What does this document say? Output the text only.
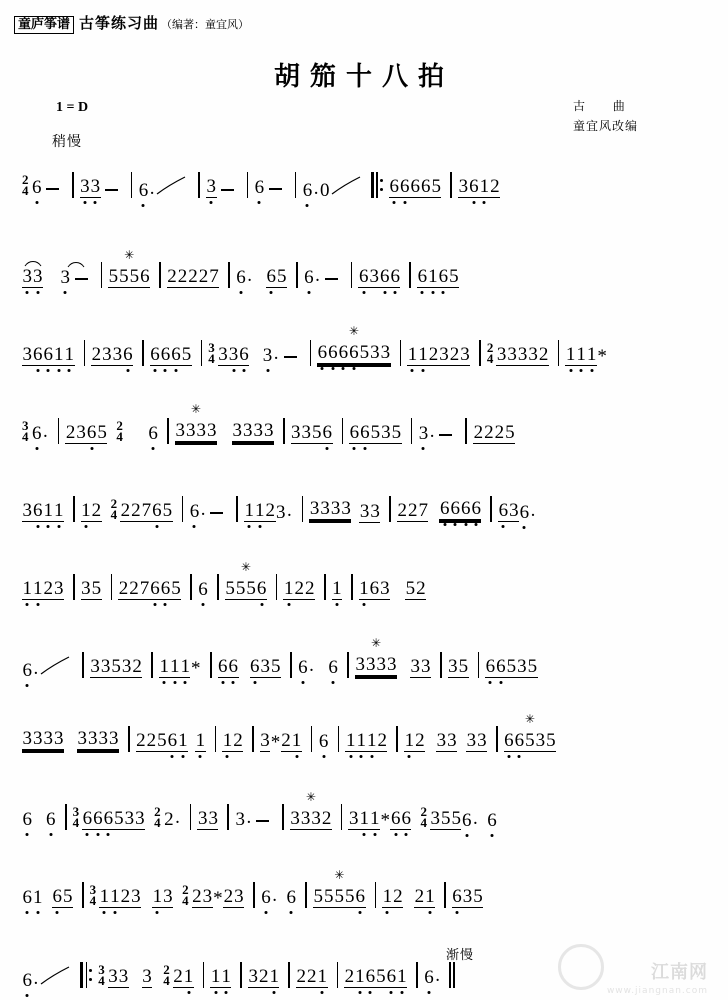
童庐筝谱 古筝练习曲 （编著：童宜风）
胡笳十八拍
1 = D
稍慢
古 曲
童宜风改编
2
4 6 3 3 6 .	3 6 6 . 0	6 6 6 6 5 3 6 1 2
3 3 3
✳
5 5 5 6 2 2 2 2 7 6 . 6 5 6 . 6 3 6 6 6 1 6 5
3 6 6 1 1 2 3 3 6 6 6 6 5 3
4 3 3 6 3 .
✳
6 6 6 6 5 3 3 1 1 2 3 2 3 2
4 3 3 3 3 2 1 1 1 *
3
4 6 . 2 3 6 5 2
4 6
✳
3 3 3 3 3 3 3 3 3 3 5 6 6 6 5 3 5 3 . 2 2 2 5
3 6 1 1 1 2 2
4 2 2 7 6 5 6 . 1 1 2 3 . 3 3 3 3 3 3 2 2 7 6 6 6 6 6 3 6 .
1 1 2 3 3 5 2 2 7 6 6 5 6
✳
5 5 5 6 1 2 2 1 1 6 3 5 2
6 .	3 3 5 3 2 1 1 1 * 6 6 6 3 5 6 . 6
✳
3 3 3 3 3 3 3 5 6 6 5 3 5
3 3 3 3 3 3 3 3 2 2 5 6 1 1 1 2 3 * 2 1 6 1 1 1 2 1 2 3 3 3 3
✳
6 6 5 3 5
6 6 3
4 6 6 6 5 3 3 2
4 2 . 3 3 3 .
✳
3 3 3 2 3 1 1 * 6 6 2
4 3 5 5 6 . 6
6 1 6 5 3
4 1 1 2 3 1 3 2
4 2 3 * 2 3 6 . 6
✳
5 5 5 5 6 1 2 2 1 6 3 5
渐慢
6 .	3
4 3 3 3 2
4 2 1 1 1 3 2 1 2 2 1 2 1 6 5 6 1 6 .	江南网
www.jiangnan.com
